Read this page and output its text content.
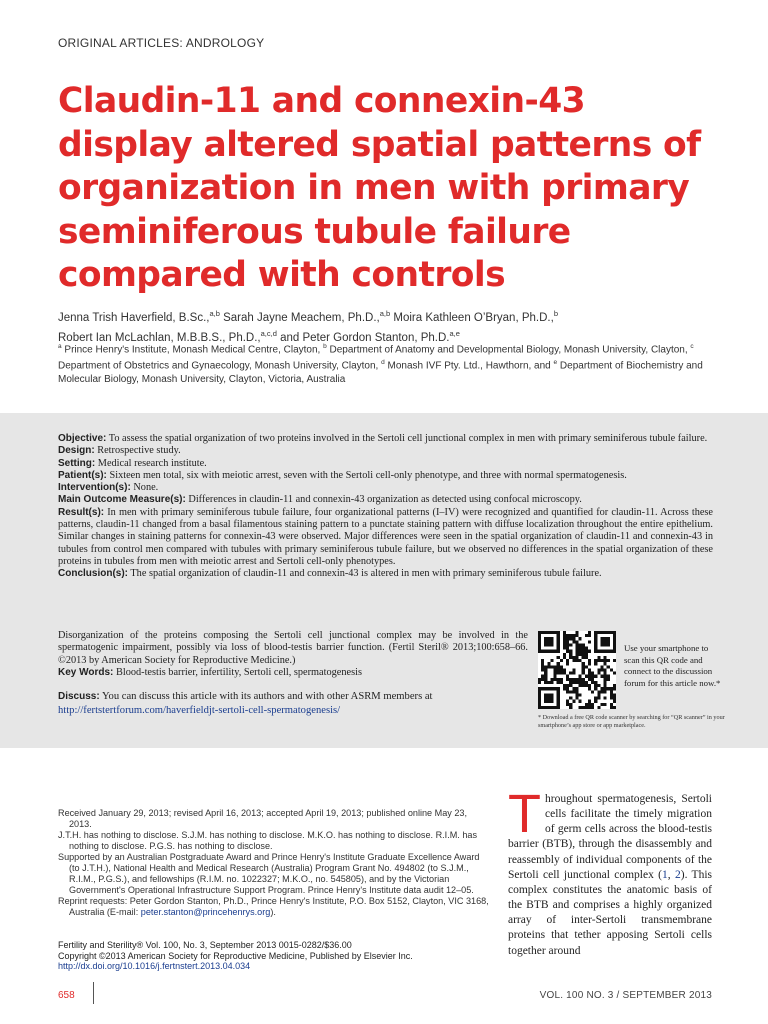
ORIGINAL ARTICLES: ANDROLOGY
Claudin-11 and connexin-43 display altered spatial patterns of organization in men with primary seminiferous tubule failure compared with controls
Jenna Trish Haverfield, B.Sc.,$^{a,b}$ Sarah Jayne Meachem, Ph.D.,$^{a,b}$ Moira Kathleen O’Bryan, Ph.D.,$^b$
Robert Ian McLachlan, M.B.B.S., Ph.D.,$^{a,c,d}$ and Peter Gordon Stanton, Ph.D.$^{a,e}$
$^a$ Prince Henry's Institute, Monash Medical Centre, Clayton, $^b$ Department of Anatomy and Developmental Biology, Monash University, Clayton, $^c$ Department of Obstetrics and Gynaecology, Monash University, Clayton, $^d$ Monash IVF Pty. Ltd., Hawthorn, and $^e$ Department of Biochemistry and Molecular Biology, Monash University, Clayton, Victoria, Australia

Objective: To assess the spatial organization of two proteins involved in the Sertoli cell junctional complex in men with primary seminiferous tubule failure.

Design: Retrospective study.

Setting: Medical research institute.

Patient(s): Sixteen men total, six with meiotic arrest, seven with the Sertoli cell-only phenotype, and three with normal spermatogenesis.

Intervention(s): None.

Main Outcome Measure(s): Differences in claudin-11 and connexin-43 organization as detected using confocal microscopy.

Result(s): In men with primary seminiferous tubule failure, four organizational patterns (I–IV) were recognized and quantified for claudin-11. Across these patterns, claudin-11 changed from a basal filamentous staining pattern to a punctate staining pattern with diffuse localization throughout the entire epithelium. Similar changes in staining patterns for connexin-43 were observed. Major differences were seen in the spatial organization of claudin-11 and connexin-43 in tubules from control men compared with tubules with primary seminiferous tubule failure, but we observed no differences in the spatial organization of these proteins in tubules from men with meiotic arrest and Sertoli cell-only phenotypes.

Conclusion(s): The spatial organization of claudin-11 and connexin-43 is altered in men with primary seminiferous tubule failure.

Disorganization of the proteins composing the Sertoli cell junctional complex may be involved in the spermatogenic impairment, possibly via loss of blood-testis barrier function. (Fertil Steril® 2013;100:658–66. ©2013 by American Society for Reproductive Medicine.)

Key Words: Blood-testis barrier, infertility, Sertoli cell, spermatogenesis

Discuss: You can discuss this article with its authors and with other ASRM members at http://fertstertforum.com/haverfieldjt-sertoli-cell-spermatogenesis/
Use your smartphone to scan this QR code and connect to the discussion forum for this article now.*
* Download a free QR code scanner by searching for “QR scanner” in your smartphone’s app store or app marketplace.

Received January 29, 2013; revised April 16, 2013; accepted April 19, 2013; published online May 23, 2013.

J.T.H. has nothing to disclose. S.J.M. has nothing to disclose. M.K.O. has nothing to disclose. R.I.M. has nothing to disclose. P.G.S. has nothing to disclose.

Supported by an Australian Postgraduate Award and Prince Henry's Institute Graduate Excellence Award (to J.T.H.), National Health and Medical Research (Australia) Program Grant No. 494802 (to S.J.M., R.I.M., P.G.S.), and fellowships (R.I.M. no. 1022327; M.K.O., no. 545805), and by the Victorian Government's Operational Infrastructure Support Program. Prince Henry's Institute data audit 12–05.

Reprint requests: Peter Gordon Stanton, Ph.D., Prince Henry's Institute, P.O. Box 5152, Clayton, VIC 3168, Australia (E-mail: peter.stanton@princehenrys.org).

Fertility and Sterility® Vol. 100, No. 3, September 2013 0015-0282/$36.00

Copyright ©2013 American Society for Reproductive Medicine, Published by Elsevier Inc.

http://dx.doi.org/10.1016/j.fertnstert.2013.04.034

Throughout spermatogenesis, Sertoli cells facilitate the timely migration of germ cells across the blood-testis barrier (BTB), through the disassembly and reassembly of individual components of the Sertoli cell junctional complex (1, 2). This complex constitutes the anatomic basis of the BTB and comprises a highly organized array of inter-Sertoli transmembrane proteins that tether apposing Sertoli cells together around

658	VOL. 100 NO. 3 / SEPTEMBER 2013
